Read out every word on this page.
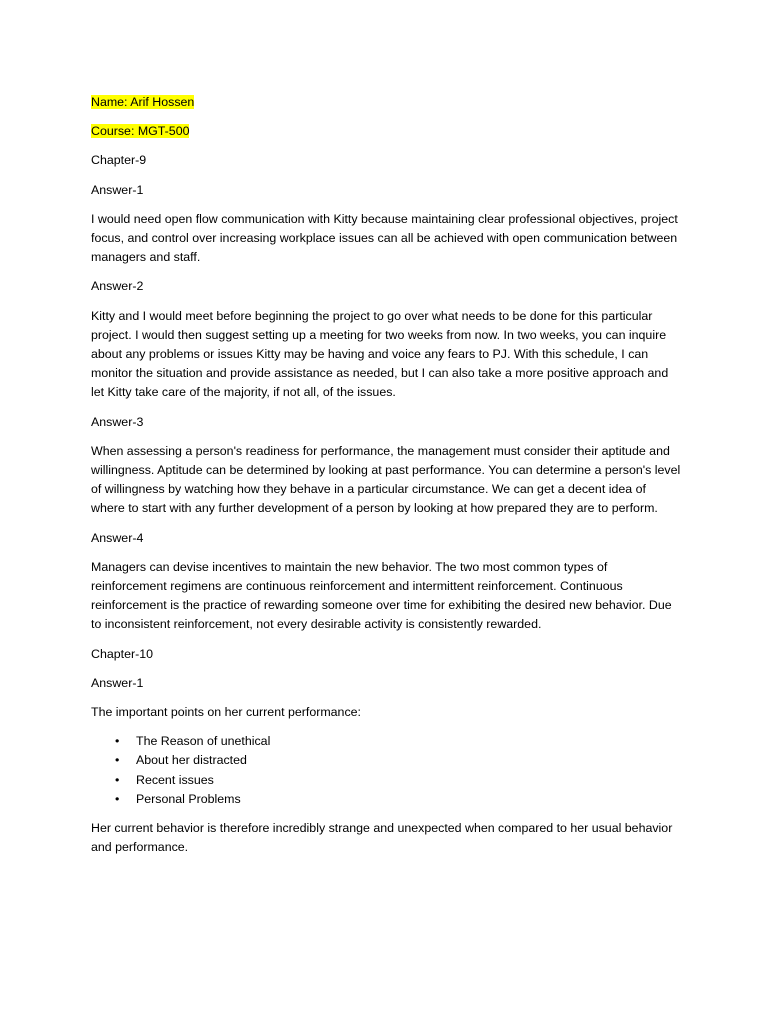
Name: Arif Hossen

Course: MGT-500

Chapter-9

Answer-1

I would need open flow communication with Kitty because maintaining clear professional objectives, project focus, and control over increasing workplace issues can all be achieved with open communication between managers and staff.

Answer-2

Kitty and I would meet before beginning the project to go over what needs to be done for this particular project. I would then suggest setting up a meeting for two weeks from now. In two weeks, you can inquire about any problems or issues Kitty may be having and voice any fears to PJ. With this schedule, I can monitor the situation and provide assistance as needed, but I can also take a more positive approach and let Kitty take care of the majority, if not all, of the issues.

Answer-3

When assessing a person's readiness for performance, the management must consider their aptitude and willingness. Aptitude can be determined by looking at past performance. You can determine a person's level of willingness by watching how they behave in a particular circumstance. We can get a decent idea of where to start with any further development of a person by looking at how prepared they are to perform.

Answer-4

Managers can devise incentives to maintain the new behavior. The two most common types of reinforcement regimens are continuous reinforcement and intermittent reinforcement. Continuous reinforcement is the practice of rewarding someone over time for exhibiting the desired new behavior. Due to inconsistent reinforcement, not every desirable activity is consistently rewarded.

Chapter-10

Answer-1

The important points on her current performance:

• The Reason of unethical
• About her distracted
• Recent issues
• Personal Problems

Her current behavior is therefore incredibly strange and unexpected when compared to her usual behavior and performance.
